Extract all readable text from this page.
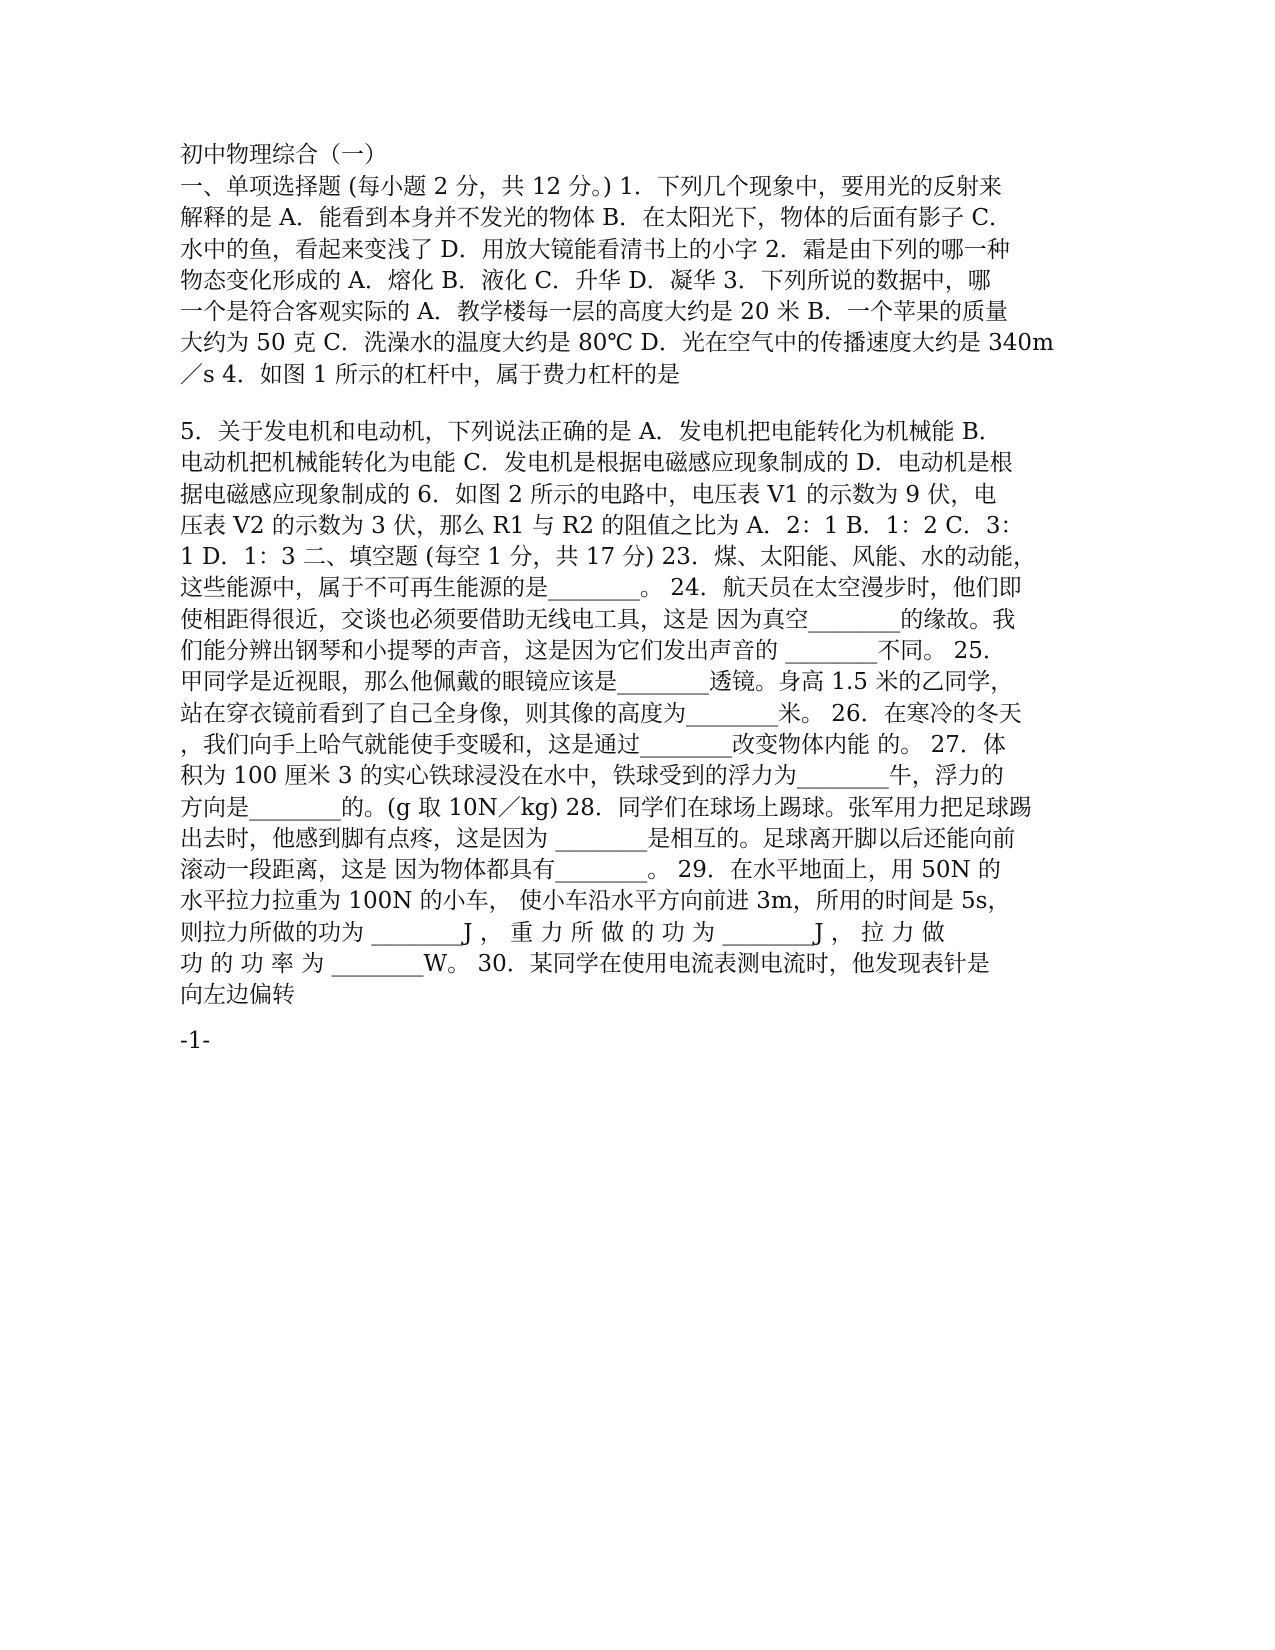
初中物理综合（一）
一、单项选择题 (每小题 2 分，共 12 分。) 1．下列几个现象中，要用光的反射来
解释的是 A．能看到本身并不发光的物体 B．在太阳光下，物体的后面有影子 C．
水中的鱼，看起来变浅了 D．用放大镜能看清书上的小字 2．霜是由下列的哪一种
物态变化形成的 A．熔化 B．液化 C．升华 D．凝华 3．下列所说的数据中，哪
一个是符合客观实际的 A．教学楼每一层的高度大约是 20 米 B．一个苹果的质量
大约为 50 克 C．洗澡水的温度大约是 80℃ D．光在空气中的传播速度大约是 340m
／s 4．如图 1 所示的杠杆中，属于费力杠杆的是
5．关于发电机和电动机，下列说法正确的是 A．发电机把电能转化为机械能 B．
电动机把机械能转化为电能 C．发电机是根据电磁感应现象制成的 D．电动机是根
据电磁感应现象制成的 6．如图 2 所示的电路中，电压表 V1 的示数为 9 伏，电
压表 V2 的示数为 3 伏，那么 R1 与 R2 的阻值之比为 A．2：1 B．1：2 C．3：
1 D．1：3 二、填空题 (每空 1 分，共 17 分) 23．煤、太阳能、风能、水的动能，
这些能源中，属于不可再生能源的是________。 24．航天员在太空漫步时，他们即
使相距得很近，交谈也必须要借助无线电工具，这是 因为真空________的缘故。我
们能分辨出钢琴和小提琴的声音，这是因为它们发出声音的 ________不同。 25．
甲同学是近视眼，那么他佩戴的眼镜应该是________透镜。身高 1.5 米的乙同学，
站在穿衣镜前看到了自己全身像，则其像的高度为________米。 26．在寒冷的冬天
，我们向手上哈气就能使手变暖和，这是通过________改变物体内能 的。 27．体
积为 100 厘米 3 的实心铁球浸没在水中，铁球受到的浮力为________牛，浮力的
方向是________的。(g 取 10N／kg) 28．同学们在球场上踢球。张军用力把足球踢
出去时，他感到脚有点疼，这是因为 ________是相互的。足球离开脚以后还能向前
滚动一段距离，这是 因为物体都具有________。 29．在水平地面上，用 50N 的
水平拉力拉重为 100N 的小车， 使小车沿水平方向前进 3m，所用的时间是 5s，
则拉力所做的功为 ________J ， 重 力 所 做 的 功 为 ________J ， 拉 力 做
功 的 功 率 为 ________W。 30．某同学在使用电流表测电流时，他发现表针是
向左边偏转
-1-
